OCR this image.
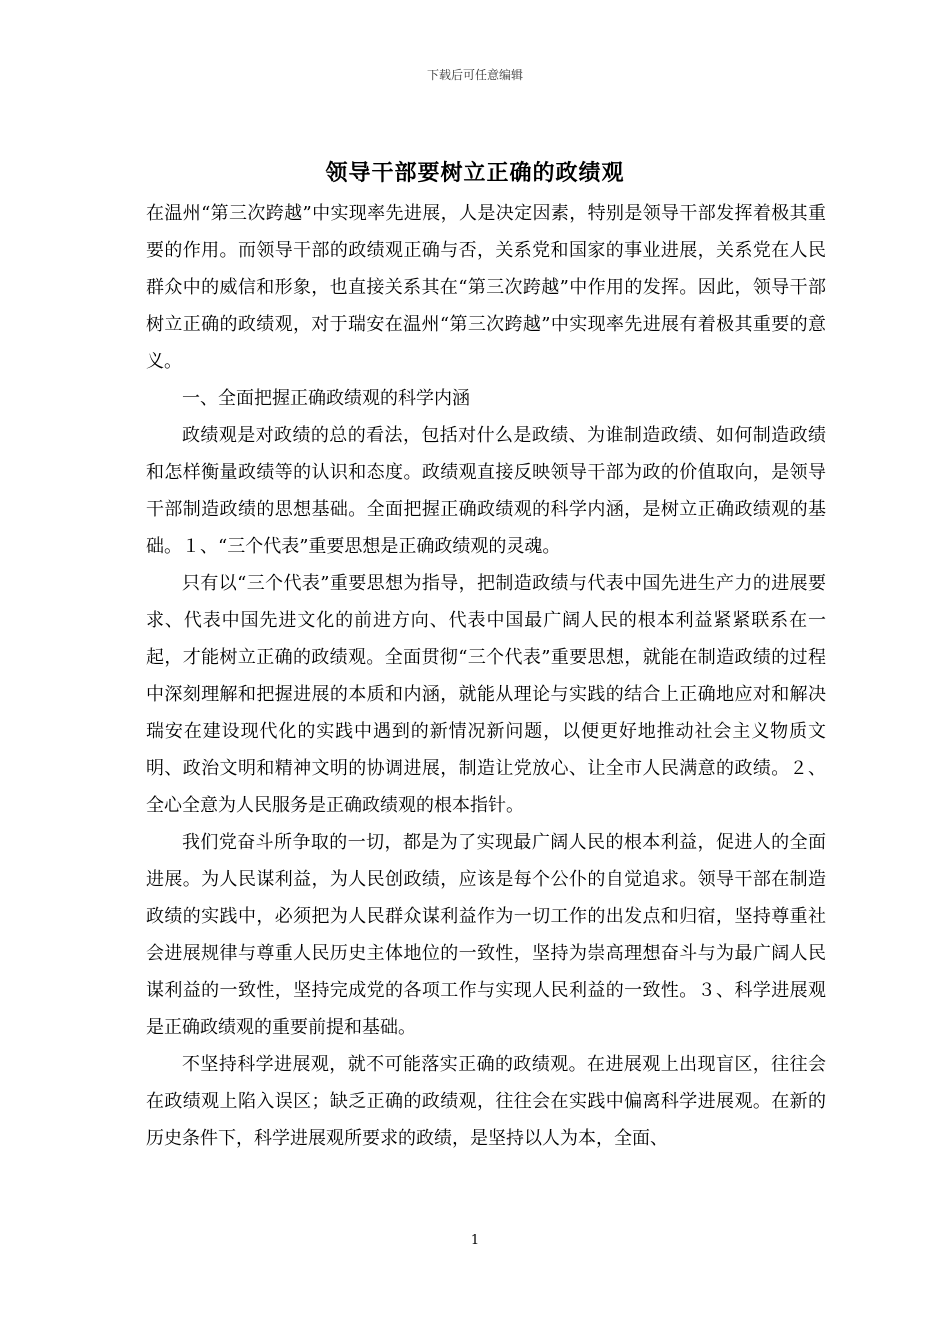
下载后可任意编辑
领导干部要树立正确的政绩观

在温州“第三次跨越”中实现率先进展，人是决定因素，特别是领导干部发挥着极其重要的作用。而领导干部的政绩观正确与否，关系党和国家的事业进展，关系党在人民群众中的威信和形象，也直接关系其在“第三次跨越”中作用的发挥。因此，领导干部树立正确的政绩观，对于瑞安在温州“第三次跨越”中实现率先进展有着极其重要的意义。

一、全面把握正确政绩观的科学内涵

政绩观是对政绩的总的看法，包括对什么是政绩、为谁制造政绩、如何制造政绩和怎样衡量政绩等的认识和态度。政绩观直接反映领导干部为政的价值取向，是领导干部制造政绩的思想基础。全面把握正确政绩观的科学内涵，是树立正确政绩观的基础。１、“三个代表”重要思想是正确政绩观的灵魂。

只有以“三个代表”重要思想为指导，把制造政绩与代表中国先进生产力的进展要求、代表中国先进文化的前进方向、代表中国最广阔人民的根本利益紧紧联系在一起，才能树立正确的政绩观。全面贯彻“三个代表”重要思想，就能在制造政绩的过程中深刻理解和把握进展的本质和内涵，就能从理论与实践的结合上正确地应对和解决瑞安在建设现代化的实践中遇到的新情况新问题，以便更好地推动社会主义物质文明、政治文明和精神文明的协调进展，制造让党放心、让全市人民满意的政绩。２、全心全意为人民服务是正确政绩观的根本指针。

我们党奋斗所争取的一切，都是为了实现最广阔人民的根本利益，促进人的全面进展。为人民谋利益，为人民创政绩，应该是每个公仆的自觉追求。领导干部在制造政绩的实践中，必须把为人民群众谋利益作为一切工作的出发点和归宿，坚持尊重社会进展规律与尊重人民历史主体地位的一致性，坚持为崇高理想奋斗与为最广阔人民谋利益的一致性，坚持完成党的各项工作与实现人民利益的一致性。３、科学进展观是正确政绩观的重要前提和基础。

不坚持科学进展观，就不可能落实正确的政绩观。在进展观上出现盲区，往往会在政绩观上陷入误区；缺乏正确的政绩观，往往会在实践中偏离科学进展观。在新的历史条件下，科学进展观所要求的政绩，是坚持以人为本，全面、

1
